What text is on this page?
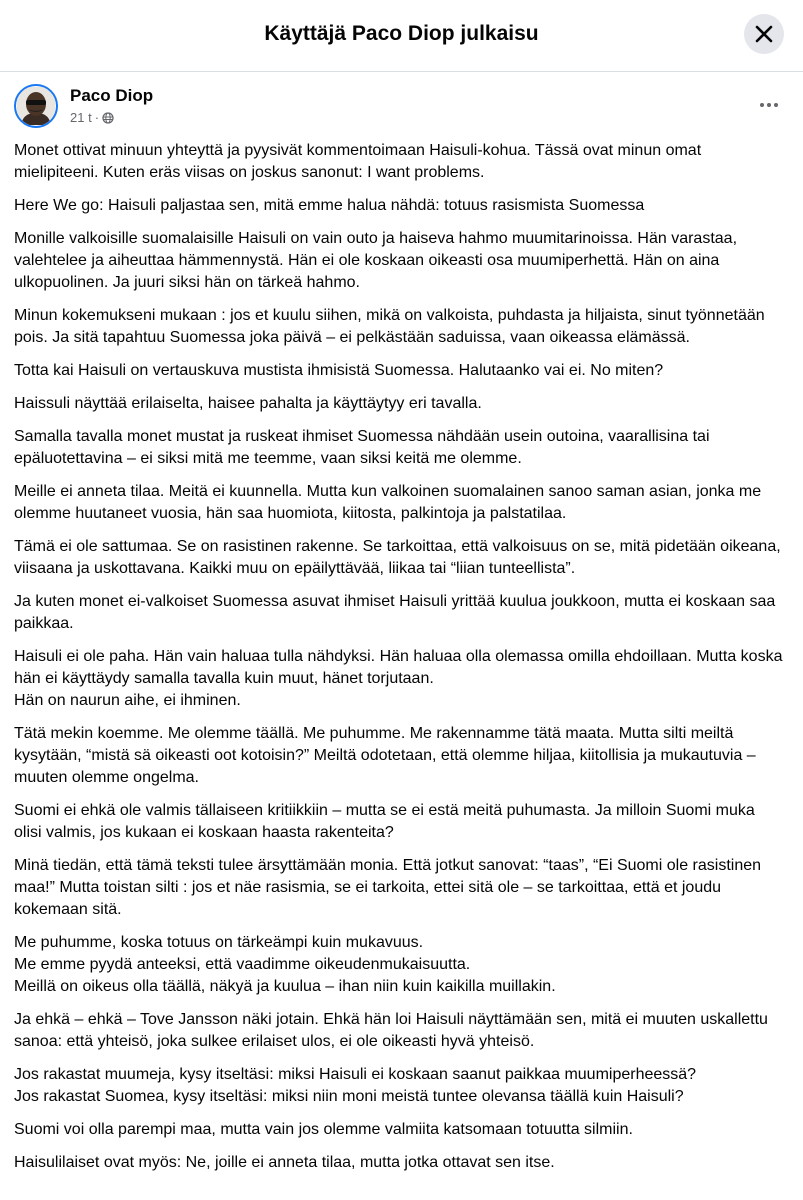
Käyttäjä Paco Diop julkaisu
Paco Diop
21 t ·

Monet ottivat minuun yhteyttä ja pyysivät kommentoimaan Haisuli-kohua. Tässä ovat minun omat mielipiteeni. Kuten eräs viisas on joskus sanonut: I want problems.

Here We go: Haisuli paljastaa sen, mitä emme halua nähdä: totuus rasismista Suomessa

Monille valkoisille suomalaisille Haisuli on vain outo ja haiseva hahmo muumitarinoissa. Hän varastaa, valehtelee ja aiheuttaa hämmennystä. Hän ei ole koskaan oikeasti osa muumiperhettä. Hän on aina ulkopuolinen. Ja juuri siksi hän on tärkeä hahmo.

Minun kokemukseni mukaan : jos et kuulu siihen, mikä on valkoista, puhdasta ja hiljaista, sinut työnnetään pois. Ja sitä tapahtuu Suomessa joka päivä – ei pelkästään saduissa, vaan oikeassa elämässä.

Totta kai Haisuli on vertauskuva mustista ihmisistä Suomessa. Halutaanko vai ei. No miten?

Haissuli näyttää erilaiselta, haisee pahalta ja käyttäytyy eri tavalla.

Samalla tavalla monet mustat ja ruskeat ihmiset Suomessa nähdään usein outoina, vaarallisina tai epäluotettavina – ei siksi mitä me teemme, vaan siksi keitä me olemme.

Meille ei anneta tilaa. Meitä ei kuunnella. Mutta kun valkoinen suomalainen sanoo saman asian, jonka me olemme huutaneet vuosia, hän saa huomiota, kiitosta, palkintoja ja palstatilaa.

Tämä ei ole sattumaa. Se on rasistinen rakenne. Se tarkoittaa, että valkoisuus on se, mitä pidetään oikeana, viisaana ja uskottavana. Kaikki muu on epäilyttävää, liikaa tai “liian tunteellista”.

Ja kuten monet ei-valkoiset Suomessa asuvat ihmiset Haisuli yrittää kuulua joukkoon, mutta ei koskaan saa paikkaa.

Haisuli ei ole paha. Hän vain haluaa tulla nähdyksi. Hän haluaa olla olemassa omilla ehdoillaan. Mutta koska hän ei käyttäydy samalla tavalla kuin muut, hänet torjutaan.
Hän on naurun aihe, ei ihminen.

Tätä mekin koemme. Me olemme täällä. Me puhumme. Me rakennamme tätä maata. Mutta silti meiltä kysytään, “mistä sä oikeasti oot kotoisin?” Meiltä odotetaan, että olemme hiljaa, kiitollisia ja mukautuvia – muuten olemme ongelma.

Suomi ei ehkä ole valmis tällaiseen kritiikkiin – mutta se ei estä meitä puhumasta. Ja milloin Suomi muka olisi valmis, jos kukaan ei koskaan haasta rakenteita?

Minä tiedän, että tämä teksti tulee ärsyttämään monia. Että jotkut sanovat: “taas”, “Ei Suomi ole rasistinen maa!” Mutta toistan silti : jos et näe rasismia, se ei tarkoita, ettei sitä ole – se tarkoittaa, että et joudu kokemaan sitä.

Me puhumme, koska totuus on tärkeämpi kuin mukavuus.
Me emme pyydä anteeksi, että vaadimme oikeudenmukaisuutta.
Meillä on oikeus olla täällä, näkyä ja kuulua – ihan niin kuin kaikilla muillakin.

Ja ehkä – ehkä – Tove Jansson näki jotain. Ehkä hän loi Haisuli näyttämään sen, mitä ei muuten uskallettu sanoa: että yhteisö, joka sulkee erilaiset ulos, ei ole oikeasti hyvä yhteisö.

Jos rakastat muumeja, kysy itseltäsi: miksi Haisuli ei koskaan saanut paikkaa muumiperheessä?
Jos rakastat Suomea, kysy itseltäsi: miksi niin moni meistä tuntee olevansa täällä kuin Haisuli?

Suomi voi olla parempi maa, mutta vain jos olemme valmiita katsomaan totuutta silmiin.

Haisulilaiset ovat myös: Ne, joille ei anneta tilaa, mutta jotka ottavat sen itse.
